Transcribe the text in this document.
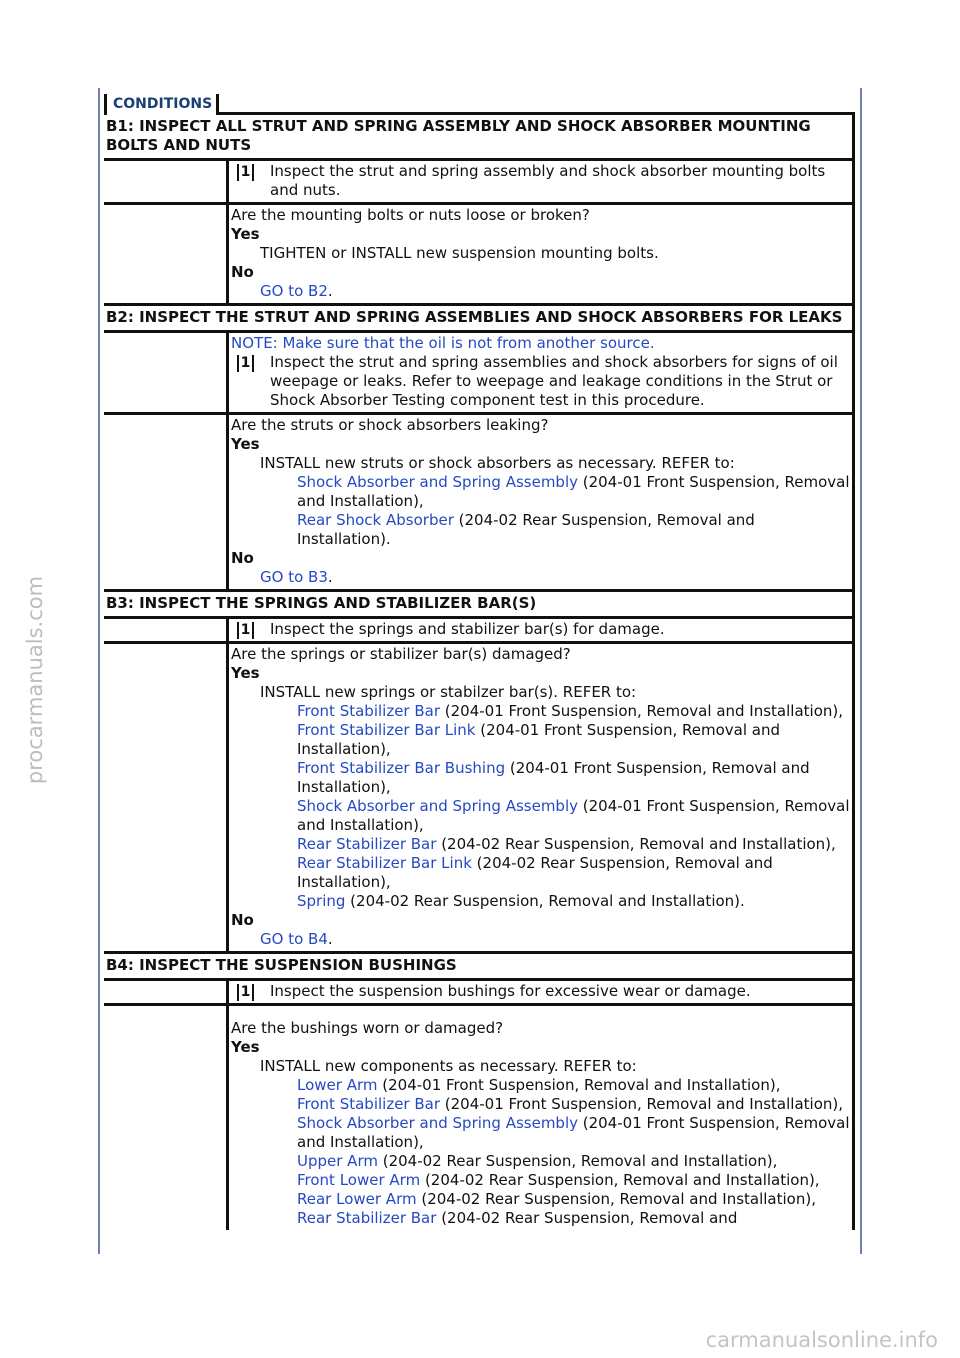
procarmanuals.com
carmanualsonline.info
CONDITIONS
B1: INSPECT ALL STRUT AND SPRING ASSEMBLY AND SHOCK ABSORBER MOUNTING BOLTS AND NUTS
1 Inspect the strut and spring assembly and shock absorber mounting bolts and nuts.
Are the mounting bolts or nuts loose or broken?
Yes
TIGHTEN or INSTALL new suspension mounting bolts.
No
GO to B2.
B2: INSPECT THE STRUT AND SPRING ASSEMBLIES AND SHOCK ABSORBERS FOR LEAKS
NOTE: Make sure that the oil is not from another source.
1 Inspect the strut and spring assemblies and shock absorbers for signs of oil weepage or leaks. Refer to weepage and leakage conditions in the Strut or Shock Absorber Testing component test in this procedure.
Are the struts or shock absorbers leaking?
Yes
INSTALL new struts or shock absorbers as necessary. REFER to:
Shock Absorber and Spring Assembly (204-01 Front Suspension, Removal and Installation),
Rear Shock Absorber (204-02 Rear Suspension, Removal and Installation).
No
GO to B3.
B3: INSPECT THE SPRINGS AND STABILIZER BAR(S)
1 Inspect the springs and stabilizer bar(s) for damage.
Are the springs or stabilizer bar(s) damaged?
Yes
INSTALL new springs or stabilzer bar(s). REFER to:
Front Stabilizer Bar (204-01 Front Suspension, Removal and Installation),
Front Stabilizer Bar Link (204-01 Front Suspension, Removal and Installation),
Front Stabilizer Bar Bushing (204-01 Front Suspension, Removal and Installation),
Shock Absorber and Spring Assembly (204-01 Front Suspension, Removal and Installation),
Rear Stabilizer Bar (204-02 Rear Suspension, Removal and Installation),
Rear Stabilizer Bar Link (204-02 Rear Suspension, Removal and Installation),
Spring (204-02 Rear Suspension, Removal and Installation).
No
GO to B4.
B4: INSPECT THE SUSPENSION BUSHINGS
1 Inspect the suspension bushings for excessive wear or damage.
Are the bushings worn or damaged?
Yes
INSTALL new components as necessary. REFER to:
Lower Arm (204-01 Front Suspension, Removal and Installation),
Front Stabilizer Bar (204-01 Front Suspension, Removal and Installation),
Shock Absorber and Spring Assembly (204-01 Front Suspension, Removal and Installation),
Upper Arm (204-02 Rear Suspension, Removal and Installation),
Front Lower Arm (204-02 Rear Suspension, Removal and Installation),
Rear Lower Arm (204-02 Rear Suspension, Removal and Installation),
Rear Stabilizer Bar (204-02 Rear Suspension, Removal and
